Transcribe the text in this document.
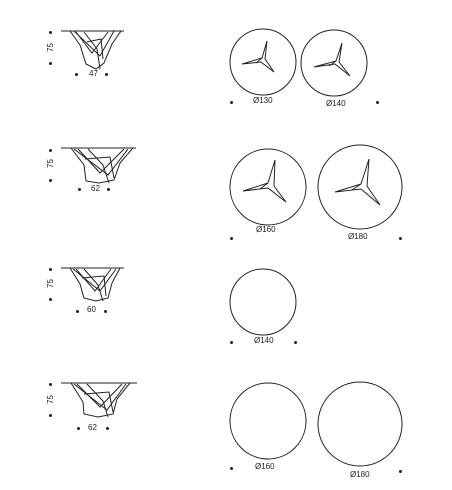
75
47
Ø130	Ø140
75
62
Ø160
Ø180
75
60
Ø140
75
62
Ø160
Ø180
